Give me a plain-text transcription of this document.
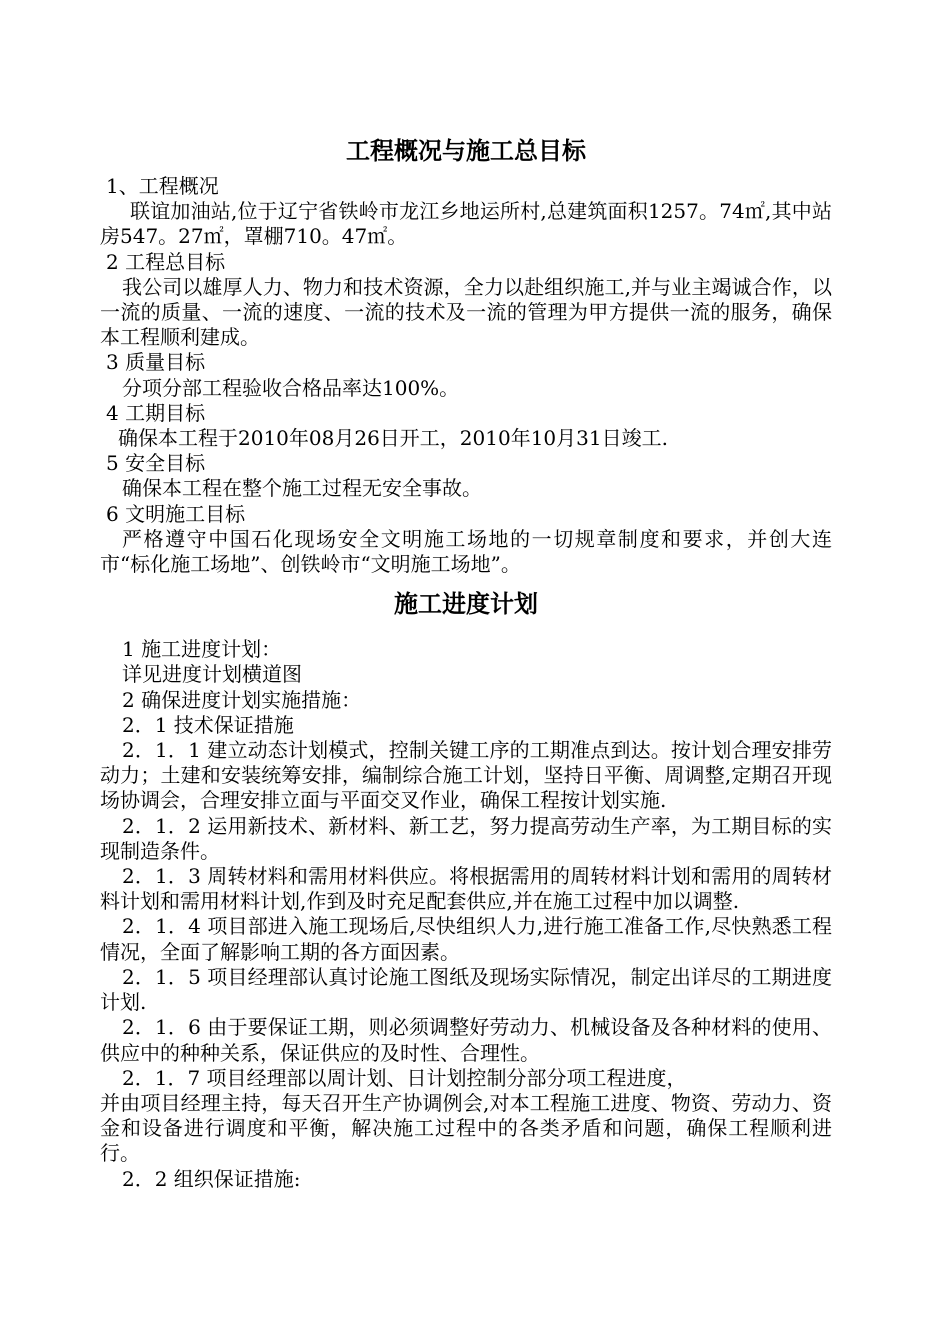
工程概况与施工总目标

1、工程概况

联谊加油站,位于辽宁省铁岭市龙江乡地运所村,总建筑面积1257。74㎡,其中站房547。27㎡，罩棚710。47㎡。

2 工程总目标

我公司以雄厚人力、物力和技术资源，全力以赴组织施工,并与业主竭诚合作，以一流的质量、一流的速度、一流的技术及一流的管理为甲方提供一流的服务，确保本工程顺利建成。

3 质量目标

分项分部工程验收合格品率达100%。

4 工期目标

确保本工程于2010年08月26日开工，2010年10月31日竣工.

5 安全目标

确保本工程在整个施工过程无安全事故。

6 文明施工目标

严格遵守中国石化现场安全文明施工场地的一切规章制度和要求，并创大连市“标化施工场地”、创铁岭市“文明施工场地”。

施工进度计划

1 施工进度计划：

详见进度计划横道图

2 确保进度计划实施措施：

2．1 技术保证措施

2．1．1 建立动态计划模式，控制关键工序的工期准点到达。按计划合理安排劳动力；土建和安装统筹安排，编制综合施工计划，坚持日平衡、周调整,定期召开现场协调会，合理安排立面与平面交叉作业，确保工程按计划实施.

2．1．2 运用新技术、新材料、新工艺，努力提高劳动生产率，为工期目标的实现制造条件。

2．1．3 周转材料和需用材料供应。将根据需用的周转材料计划和需用的周转材料计划和需用材料计划,作到及时充足配套供应,并在施工过程中加以调整.

2．1．4 项目部进入施工现场后,尽快组织人力,进行施工准备工作,尽快熟悉工程情况，全面了解影响工期的各方面因素。

2．1．5 项目经理部认真讨论施工图纸及现场实际情况，制定出详尽的工期进度计划.

2．1．6 由于要保证工期，则必须调整好劳动力、机械设备及各种材料的使用、供应中的种种关系，保证供应的及时性、合理性。

2．1．7 项目经理部以周计划、日计划控制分部分项工程进度，

并由项目经理主持，每天召开生产协调例会,对本工程施工进度、物资、劳动力、资金和设备进行调度和平衡，解决施工过程中的各类矛盾和问题，确保工程顺利进行。

2．2 组织保证措施:
